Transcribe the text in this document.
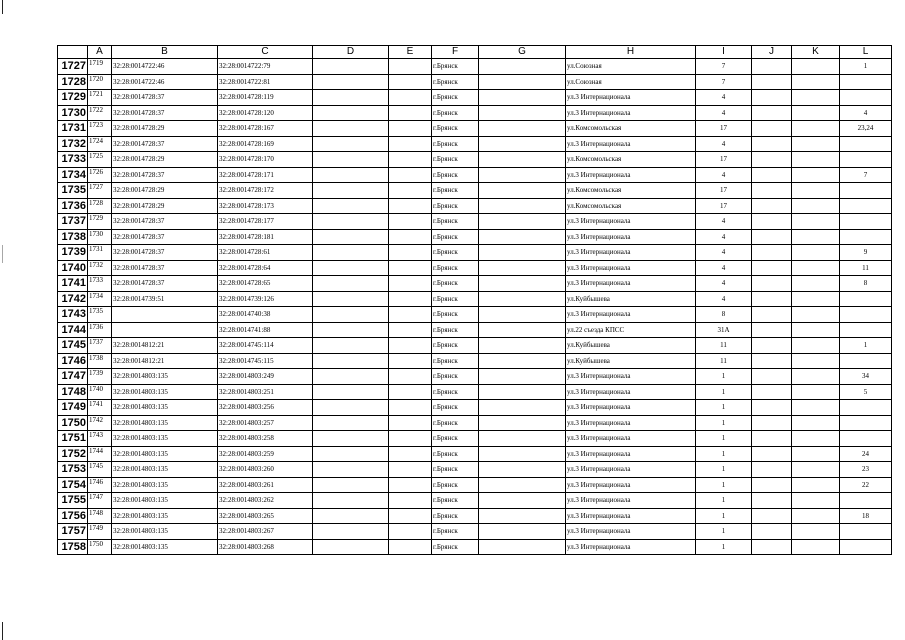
	A	B	C	D	E	F	G	H	I	J	K	L
1727	1719	32:28:0014722:46	32:28:0014722:79			г.Брянск		ул.Союзная	7			1
1728	1720	32:28:0014722:46	32:28:0014722:81			г.Брянск		ул.Союзная	7			
1729	1721	32:28:0014728:37	32:28:0014728:119			г.Брянск		ул.3 Интернационала	4			
1730	1722	32:28:0014728:37	32:28:0014728:120			г.Брянск		ул.3 Интернационала	4			4
1731	1723	32:28:0014728:29	32:28:0014728:167			г.Брянск		ул.Комсомольская	17			23,24
1732	1724	32:28:0014728:37	32:28:0014728:169			г.Брянск		ул.3 Интернационала	4			
1733	1725	32:28:0014728:29	32:28:0014728:170			г.Брянск		ул.Комсомольская	17			
1734	1726	32:28:0014728:37	32:28:0014728:171			г.Брянск		ул.3 Интернационала	4			7
1735	1727	32:28:0014728:29	32:28:0014728:172			г.Брянск		ул.Комсомольская	17			
1736	1728	32:28:0014728:29	32:28:0014728:173			г.Брянск		ул.Комсомольская	17			
1737	1729	32:28:0014728:37	32:28:0014728:177			г.Брянск		ул.3 Интернационала	4			
1738	1730	32:28:0014728:37	32:28:0014728:181			г.Брянск		ул.3 Интернационала	4			
1739	1731	32:28:0014728:37	32:28:0014728:61			г.Брянск		ул.3 Интернационала	4			9
1740	1732	32:28:0014728:37	32:28:0014728:64			г.Брянск		ул.3 Интернационала	4			11
1741	1733	32:28:0014728:37	32:28:0014728:65			г.Брянск		ул.3 Интернационала	4			8
1742	1734	32:28:0014739:51	32:28:0014739:126			г.Брянск		ул.Куйбышева	4			
1743	1735		32:28:0014740:38			г.Брянск		ул.3 Интернационала	8			
1744	1736		32:28:0014741:88			г.Брянск		ул.22 съезда КПСС	31А			
1745	1737	32:28:0014812:21	32:28:0014745:114			г.Брянск		ул.Куйбышева	11			1
1746	1738	32:28:0014812:21	32:28:0014745:115			г.Брянск		ул.Куйбышева	11			
1747	1739	32:28:0014803:135	32:28:0014803:249			г.Брянск		ул.3 Интернационала	1			34
1748	1740	32:28:0014803:135	32:28:0014803:251			г.Брянск		ул.3 Интернационала	1			5
1749	1741	32:28:0014803:135	32:28:0014803:256			г.Брянск		ул.3 Интернационала	1			
1750	1742	32:28:0014803:135	32:28:0014803:257			г.Брянск		ул.3 Интернационала	1			
1751	1743	32:28:0014803:135	32:28:0014803:258			г.Брянск		ул.3 Интернационала	1			
1752	1744	32:28:0014803:135	32:28:0014803:259			г.Брянск		ул.3 Интернационала	1			24
1753	1745	32:28:0014803:135	32:28:0014803:260			г.Брянск		ул.3 Интернационала	1			23
1754	1746	32:28:0014803:135	32:28:0014803:261			г.Брянск		ул.3 Интернационала	1			22
1755	1747	32:28:0014803:135	32:28:0014803:262			г.Брянск		ул.3 Интернационала	1			
1756	1748	32:28:0014803:135	32:28:0014803:265			г.Брянск		ул.3 Интернационала	1			18
1757	1749	32:28:0014803:135	32:28:0014803:267			г.Брянск		ул.3 Интернационала	1			
1758	1750	32:28:0014803:135	32:28:0014803:268			г.Брянск		ул.3 Интернационала	1			
